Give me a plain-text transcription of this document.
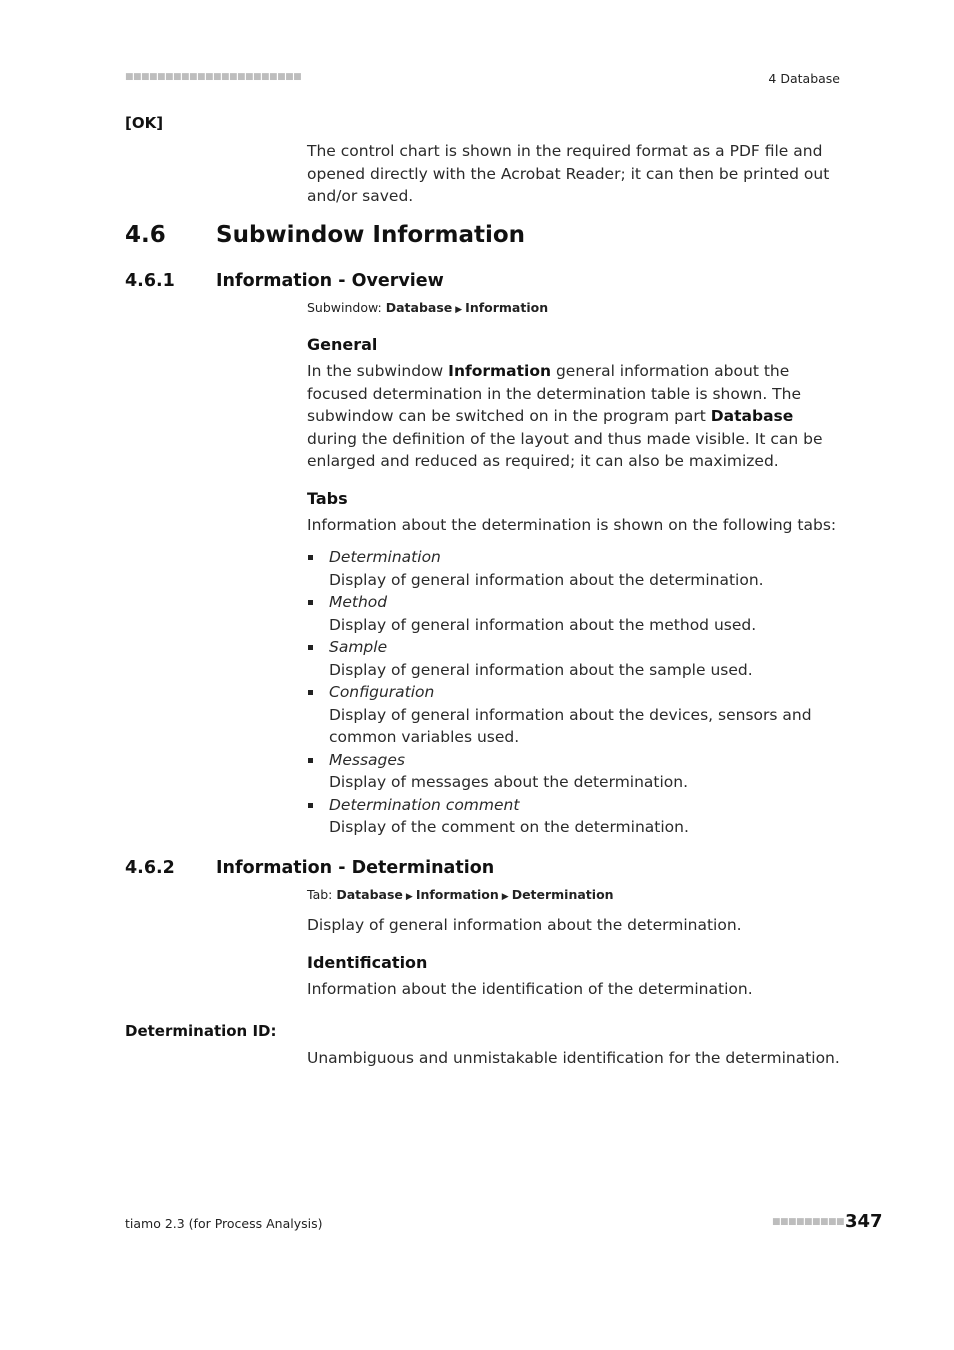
■■■■■■■■■■■■■■■■■■■■■■	4 Database
[OK]
The control chart is shown in the required format as a PDF file and opened directly with the Acrobat Reader; it can then be printed out and/or saved.
4.6 Subwindow Information
4.6.1 Information - Overview
Subwindow: Database ▶ Information
General
In the subwindow Information general information about the focused determination in the determination table is shown. The subwindow can be switched on in the program part Database during the definition of the layout and thus made visible. It can be enlarged and reduced as required; it can also be maximized.
Tabs
Information about the determination is shown on the following tabs:
Determination
Display of general information about the determination.
Method
Display of general information about the method used.
Sample
Display of general information about the sample used.
Configuration
Display of general information about the devices, sensors and common variables used.
Messages
Display of messages about the determination.
Determination comment
Display of the comment on the determination.
4.6.2 Information - Determination
Tab: Database ▶ Information ▶ Determination
Display of general information about the determination.
Identification
Information about the identification of the determination.
Determination ID:
Unambiguous and unmistakable identification for the determination.
tiamo 2.3 (for Process Analysis)	■■■■■■■■■ 347
